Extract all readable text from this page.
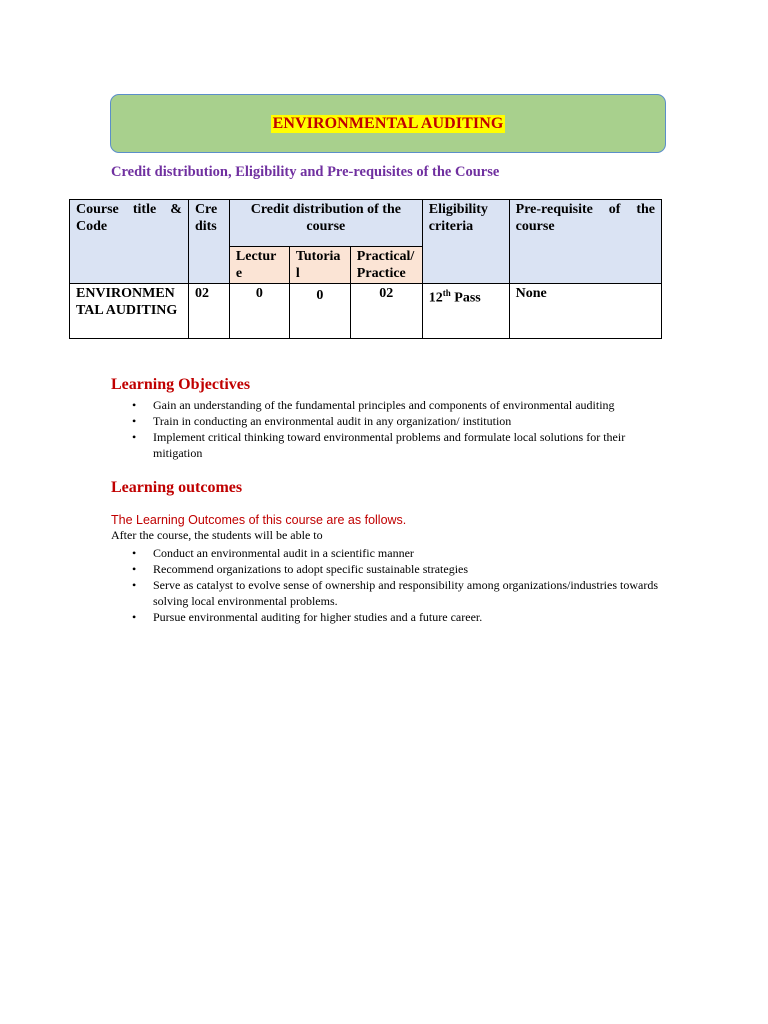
ENVIRONMENTAL AUDITING

Credit distribution, Eligibility and Pre-requisites of the Course

Course title & Code	Cre dits	Credit distribution of the course			Eligibility criteria	Pre-requisite of the course
		Lectur e	Tutoria l	Practical/ Practice		
ENVIRONMEN TAL AUDITING	02	0	0	02	12th Pass	None

Learning Objectives

• Gain an understanding of the fundamental principles and components of environmental auditing
• Train in conducting an environmental audit in any organization/ institution
• Implement critical thinking toward environmental problems and formulate local solutions for their mitigation

Learning outcomes

The Learning Outcomes of this course are as follows.

After the course, the students will be able to

• Conduct an environmental audit in a scientific manner
• Recommend organizations to adopt specific sustainable strategies
• Serve as catalyst to evolve sense of ownership and responsibility among organizations/industries towards solving local environmental problems.
• Pursue environmental auditing for higher studies and a future career.
